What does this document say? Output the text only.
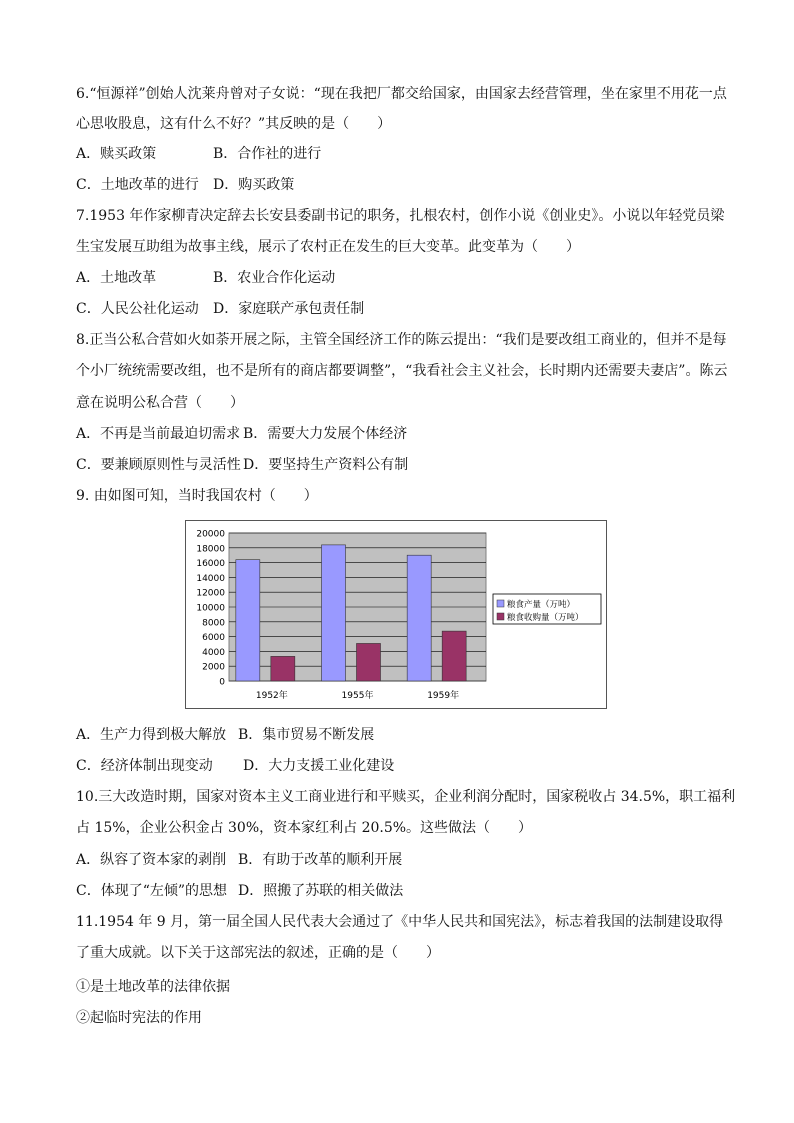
6.“恒源祥”创始人沈莱舟曾对子女说：“现在我把厂都交给国家，由国家去经营管理，坐在家里不用花一点
心思收股息，这有什么不好？”其反映的是（　　）
A．赎买政策	B．合作社的进行
C．土地改革的进行 D．购买政策
7.1953 年作家柳青决定辞去长安县委副书记的职务，扎根农村，创作小说《创业史》。小说以年轻党员梁
生宝发展互助组为故事主线，展示了农村正在发生的巨大变革。此变革为（　　）
A．土地改革	B．农业合作化运动
C．人民公社化运动 D．家庭联产承包责任制
8.正当公私合营如火如荼开展之际，主管全国经济工作的陈云提出：“我们是要改组工商业的，但并不是每
个小厂统统需要改组，也不是所有的商店都要调整”，“我看社会主义社会，长时期内还需要夫妻店”。陈云
意在说明公私合营（　　）
A．不再是当前最迫切需求 B．需要大力发展个体经济
C．要兼顾原则性与灵活性 D．要坚持生产资料公有制
9. 由如图可知，当时我国农村（　　）
20000
18000
16000
14000
12000
10000
8000
6000
4000
2000
0
1952年	1955年	1959年
粮食产量（万吨）
粮食收购量（万吨）
A．生产力得到极大解放 B．集市贸易不断发展
C．经济体制出现变动 D．大力支援工业化建设
10.三大改造时期，国家对资本主义工商业进行和平赎买，企业利润分配时，国家税收占 34.5%，职工福利
占 15%，企业公积金占 30%，资本家红利占 20.5%。这些做法（　　）
A．纵容了资本家的剥削 B．有助于改革的顺利开展
C．体现了“左倾”的思想 D．照搬了苏联的相关做法
11.1954 年 9 月，第一届全国人民代表大会通过了《中华人民共和国宪法》，标志着我国的法制建设取得
了重大成就。以下关于这部宪法的叙述，正确的是（　　）
①是土地改革的法律依据
②起临时宪法的作用
